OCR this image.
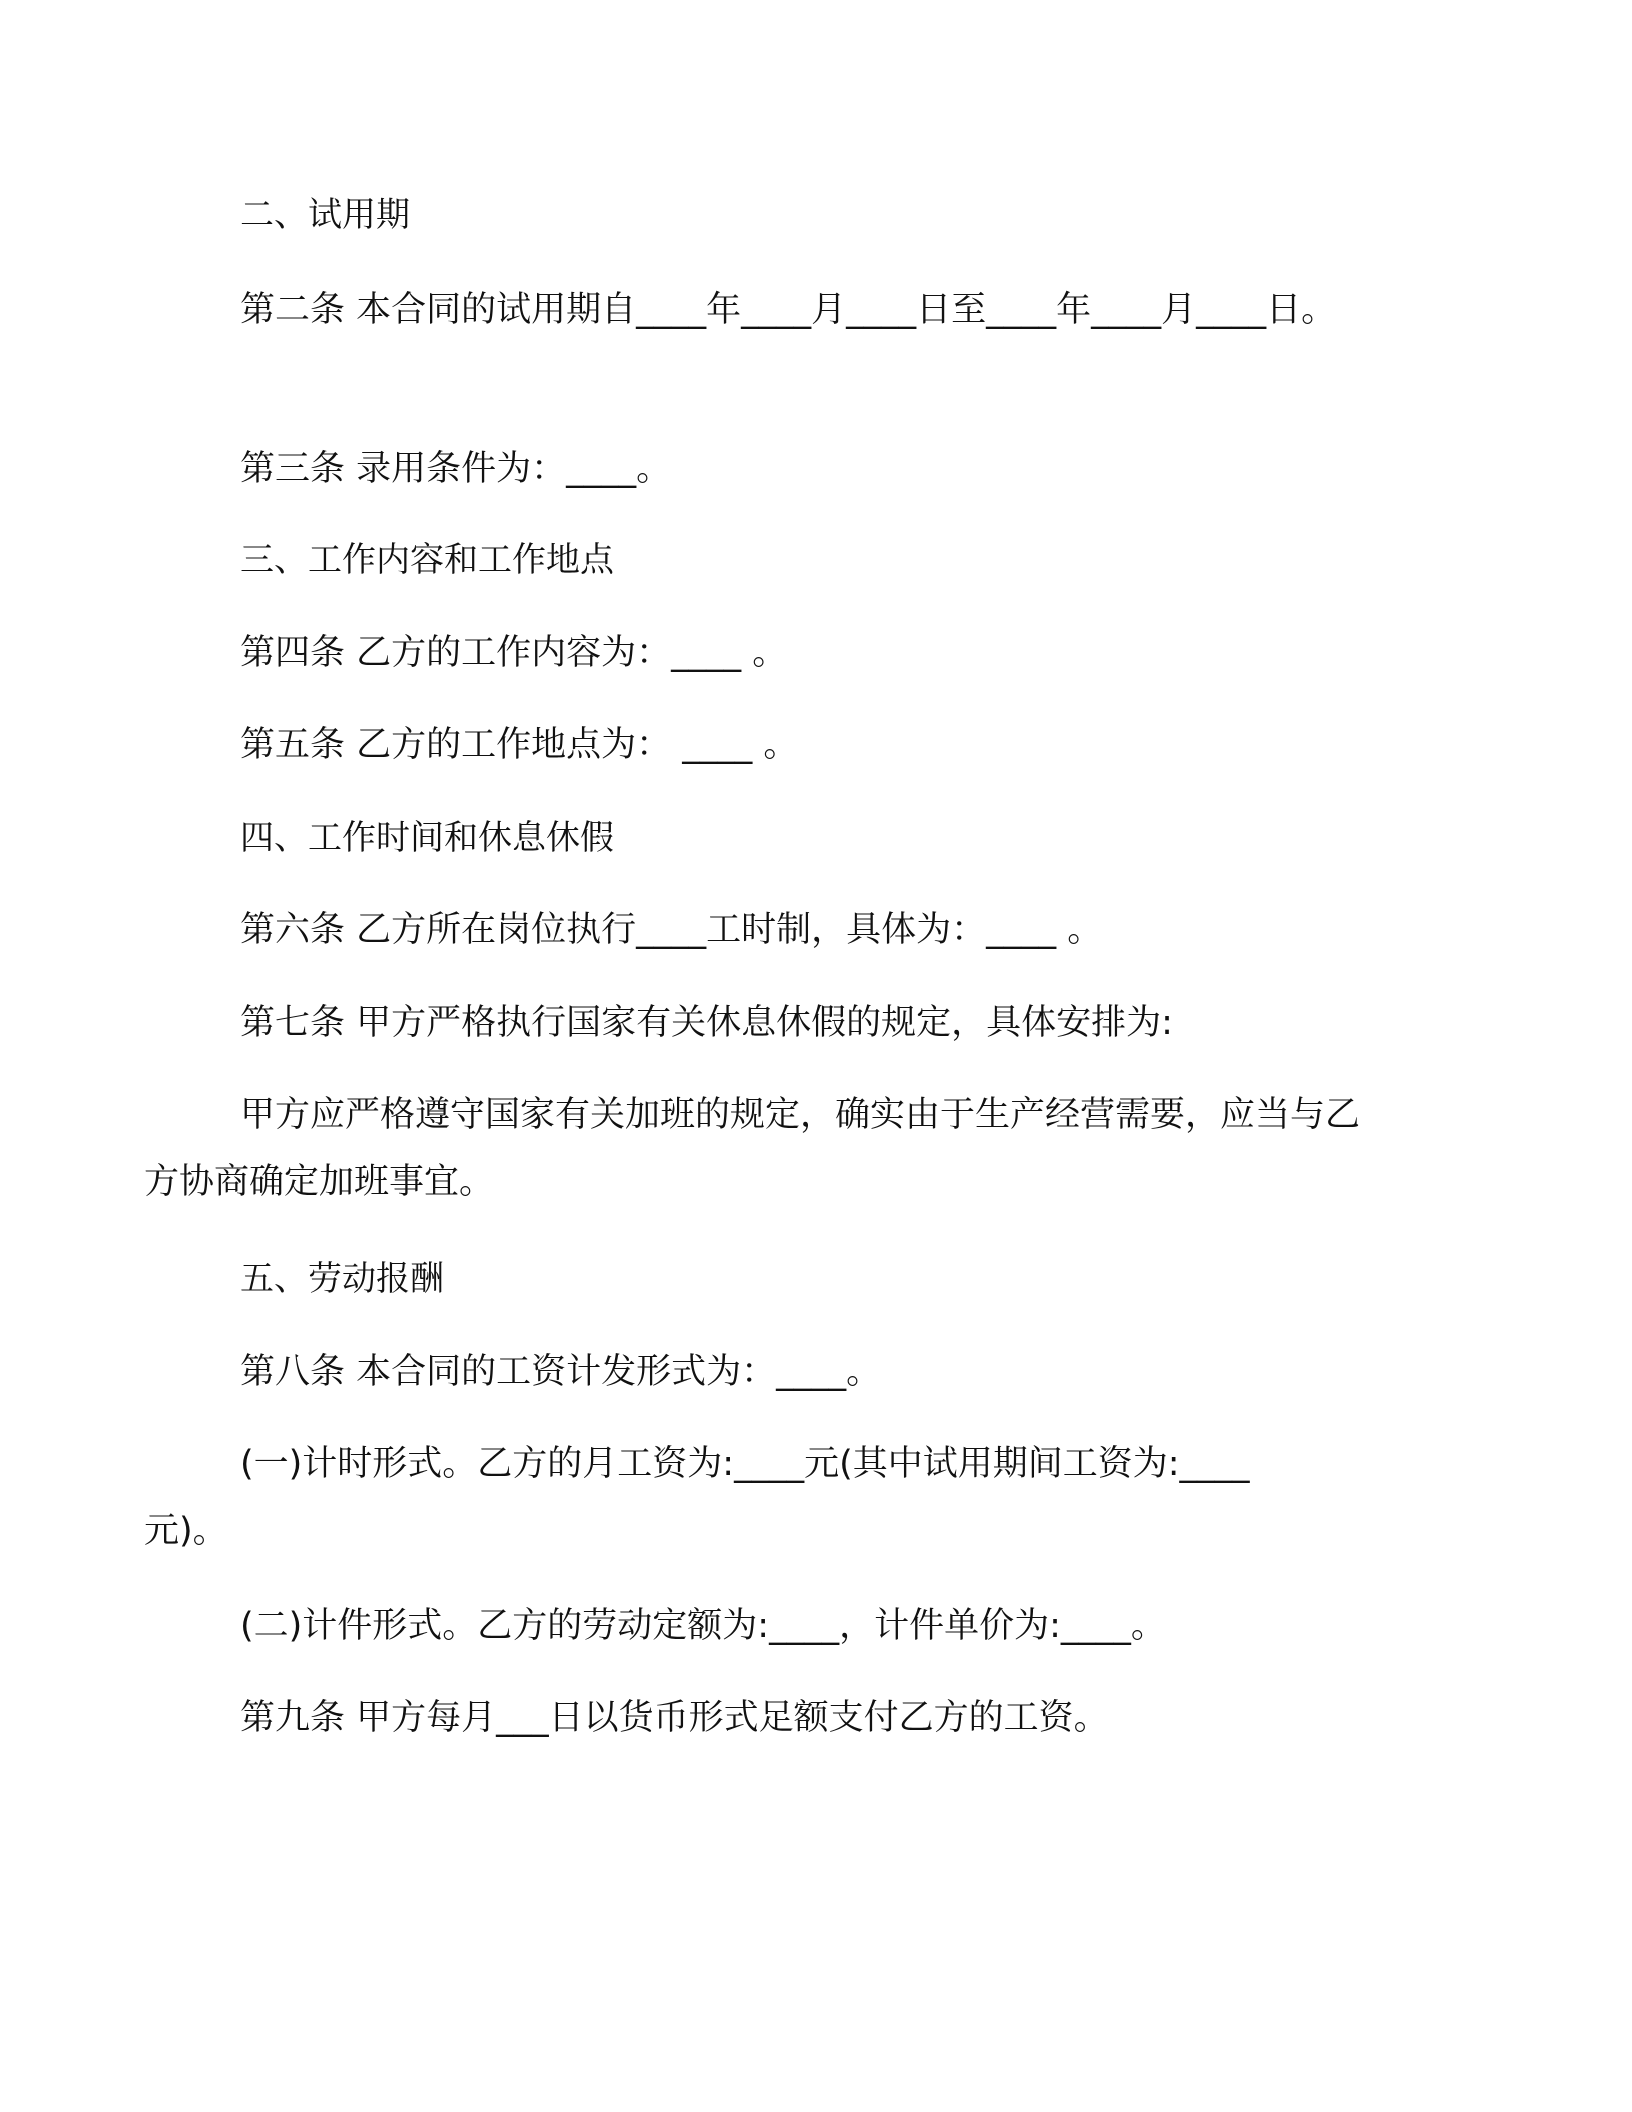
二、试用期
第二条 本合同的试用期自____年____月____日至____年____月____日。
第三条 录用条件为：____。
三、工作内容和工作地点
第四条 乙方的工作内容为：____ 。
第五条 乙方的工作地点为： ____ 。
四、工作时间和休息休假
第六条 乙方所在岗位执行____工时制，具体为：____ 。
第七条 甲方严格执行国家有关休息休假的规定，具体安排为:
甲方应严格遵守国家有关加班的规定，确实由于生产经营需要，应当与乙方协商确定加班事宜。
五、劳动报酬
第八条 本合同的工资计发形式为：____。
(一)计时形式。乙方的月工资为:____元(其中试用期间工资为:____元)。
(二)计件形式。乙方的劳动定额为:____，计件单价为:____。
第九条 甲方每月___日以货币形式足额支付乙方的工资。
